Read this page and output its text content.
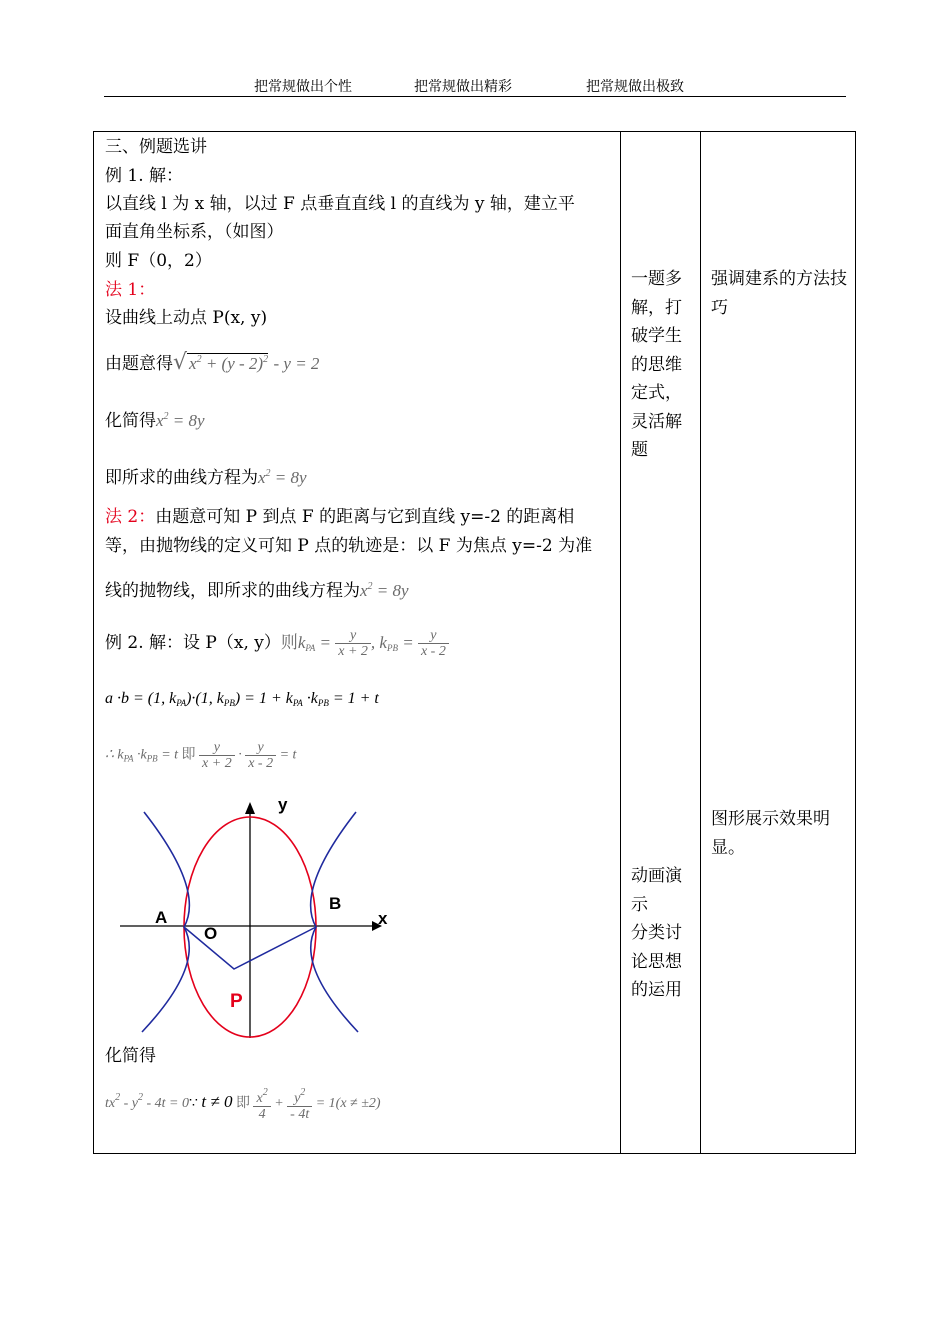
把常规做出个性	把常规做出精彩	把常规做出极致
三、例题选讲
例 1. 解：
以直线 l 为 x 轴，以过 F 点垂直直线 l 的直线为 y 轴，建立平
面直角坐标系，（如图）
则 F（0，2）
法 1：
设曲线上动点 P(x, y)
由题意得√ $x^2 + (y - 2)^2 - y = 2$
化简得$x^2 = 8y$
即所求的曲线方程为$x^2 = 8y$
法 2：由题意可知 P 到点 F 的距离与它到直线 y=-2 的距离相
等，由抛物线的定义可知 P 点的轨迹是：以 F 为焦点 y=-2 为准
线的抛物线，即所求的曲线方程为$x^2 = 8y$
例 2. 解：设 P（x, y）则$k_{PA} = \frac{y}{x + 2}$ , $k_{PB} = \frac{y}{x - 2}$
a ·b = (1, $k_{PA})\cdot(1$, $k_{PB}) = 1 + k_{PA} \cdot k_{PB} = 1 + t$
∴ $k_{PA} \cdot k_{PB} = t$ 即 $\frac{y}{x + 2} \cdot \frac{y}{x - 2} = t$
y
x
A
B
O
P
化简得
$tx^2 - y^2 - 4t$ = 0∵ t ≠ 0 即 $\frac{x^2}{4} + \frac{y^2}{- 4t} = 1(x \ne \pm 2)$
一题多解，打破学生的思维定式，灵活解题
动画演示
分类讨论思想的运用
强调建系的方法技巧
图形展示效果明显。
